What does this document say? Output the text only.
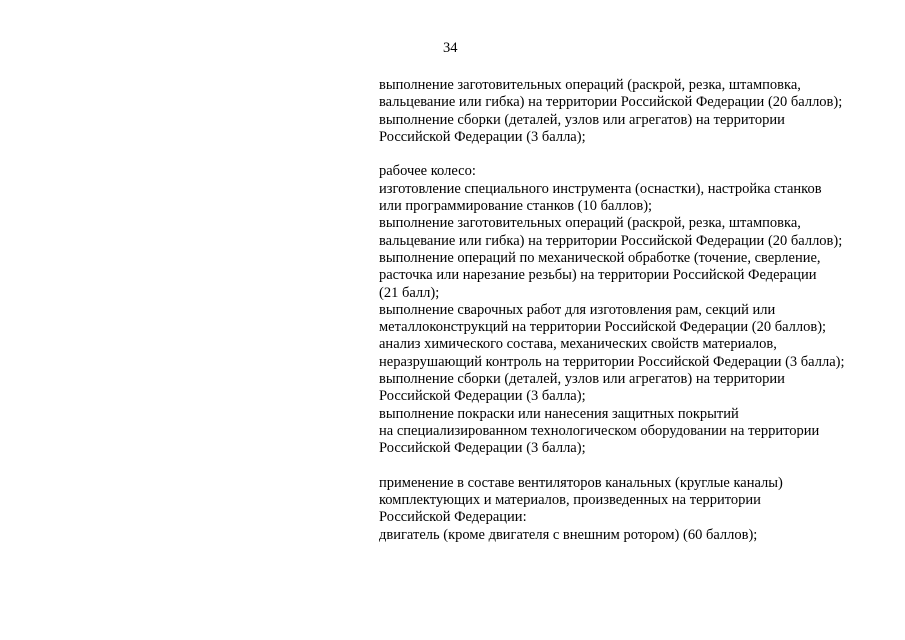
34
выполнение заготовительных операций (раскрой, резка, штамповка,
вальцевание или гибка) на территории Российской Федерации (20 баллов);
выполнение сборки (деталей, узлов или агрегатов) на территории
Российской Федерации (3 балла);
рабочее колесо:
изготовление специального инструмента (оснастки), настройка станков
или программирование станков (10 баллов);
выполнение заготовительных операций (раскрой, резка, штамповка,
вальцевание или гибка) на территории Российской Федерации (20 баллов);
выполнение операций по механической обработке (точение, сверление,
расточка или нарезание резьбы) на территории Российской Федерации
(21 балл);
выполнение сварочных работ для изготовления рам, секций или
металлоконструкций на территории Российской Федерации (20 баллов);
анализ химического состава, механических свойств материалов,
неразрушающий контроль на территории Российской Федерации (3 балла);
выполнение сборки (деталей, узлов или агрегатов) на территории
Российской Федерации (3 балла);
выполнение покраски или нанесения защитных покрытий
на специализированном технологическом оборудовании на территории
Российской Федерации (3 балла);
применение в составе вентиляторов канальных (круглые каналы)
комплектующих и материалов, произведенных на территории
Российской Федерации:
двигатель (кроме двигателя с внешним ротором) (60 баллов);
